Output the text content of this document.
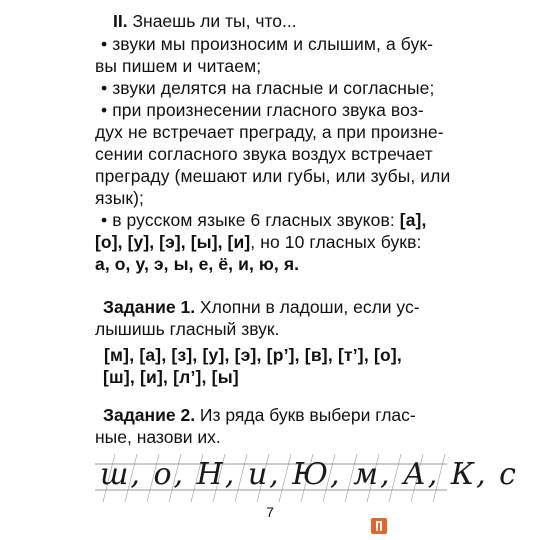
II. Знаешь ли ты, что...
• звуки мы произносим и слышим, а бук-
вы пишем и читаем;
• звуки делятся на гласные и согласные;
• при произнесении гласного звука воз-
дух не встречает преграду, а при произне-
сении согласного звука воздух встречает
преграду (мешают или губы, или зубы, или
язык);
• в русском языке 6 гласных звуков: [а],
[о], [у], [э], [ы], [и], но 10 гласных букв:
а, о, у, э, ы, е, ё, и, ю, я.
Задание 1. Хлопни в ладоши, если ус-
лышишь гласный звук.
[м], [а], [з], [у], [э], [р’], [в], [т’], [о],
[ш], [и], [л’], [ы]
Задание 2. Из ряда букв выбери глас-
ные, назови их.
ш, о, Н, и, Ю, м, А, К, с
7
